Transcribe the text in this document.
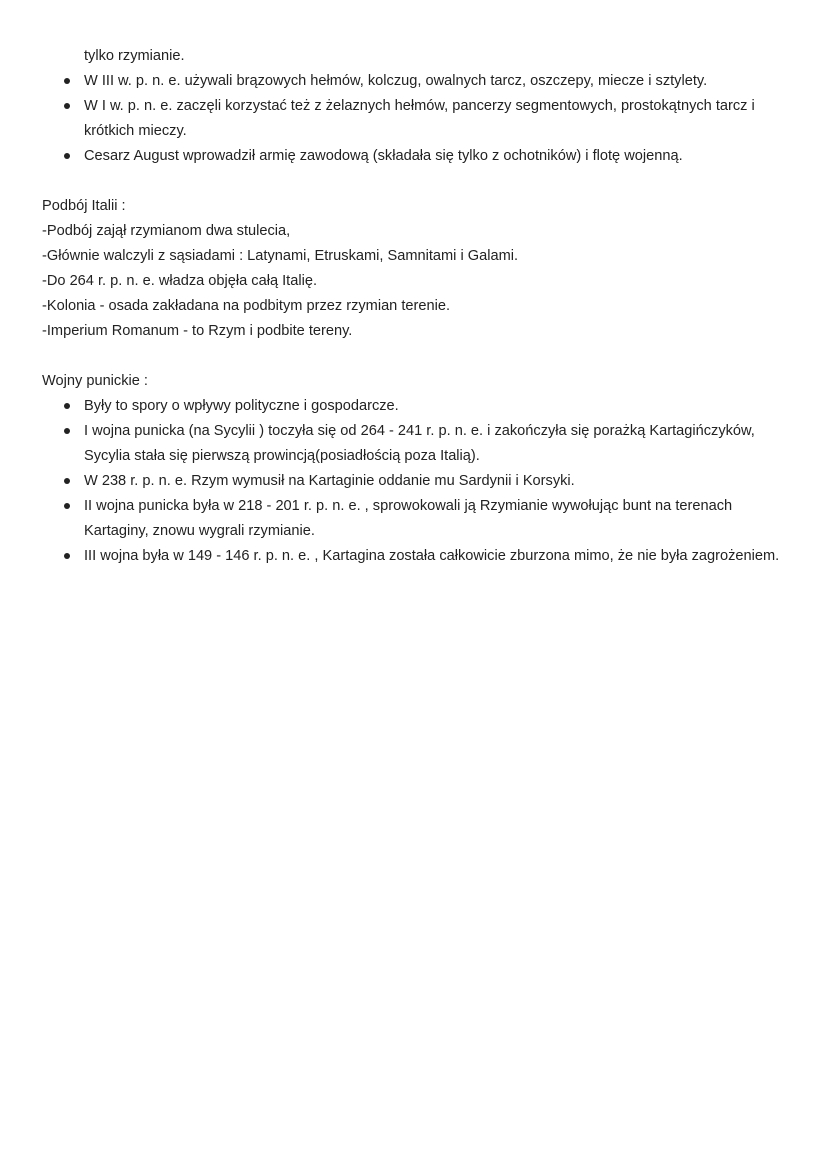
tylko rzymianie.
W III w. p. n. e. używali brązowych hełmów, kolczug, owalnych tarcz, oszczepy, miecze i sztylety.
W I w. p. n. e. zaczęli korzystać też z żelaznych hełmów, pancerzy segmentowych, prostokątnych tarcz i krótkich mieczy.
Cesarz August wprowadził armię zawodową (składała się tylko z ochotników) i flotę wojenną.

Podbój Italii :

-Podbój zajął rzymianom dwa stulecia,

-Głównie walczyli z sąsiadami : Latynami, Etruskami, Samnitami i Galami.

-Do 264 r. p. n. e. władza objęła całą Italię.

-Kolonia - osada zakładana na podbitym przez rzymian terenie.

-Imperium Romanum - to Rzym i podbite tereny.

Wojny punickie :

Były to spory o wpływy polityczne i gospodarcze.
I wojna punicka (na Sycylii ) toczyła się od 264 - 241 r. p. n. e. i zakończyła się porażką Kartagińczyków, Sycylia stała się pierwszą prowincją(posiadłością poza Italią).
W 238 r. p. n. e. Rzym wymusił na Kartaginie oddanie mu Sardynii i Korsyki.
II wojna punicka była w 218 - 201 r. p. n. e. , sprowokowali ją Rzymianie wywołując bunt na terenach Kartaginy, znowu wygrali rzymianie.
III wojna była w 149 - 146 r. p. n. e. , Kartagina została całkowicie zburzona mimo, że nie była zagrożeniem.
